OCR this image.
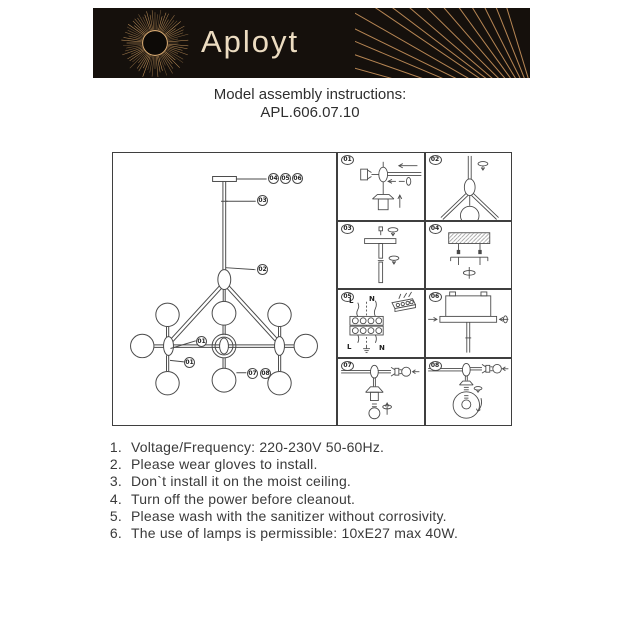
Aployt
Model assembly instructions:
APL.606.07.10
04 05 06
03
02
01
01
07 08
01	02
03	04
05
L N
L	N
06
07	08
1. Voltage/Frequency: 220-230V 50-60Hz.
2. Please wear gloves to install.
3. Don`t install it on the moist ceiling.
4. Turn off the power before cleanout.
5. Please wash with the sanitizer without corrosivity.
6. The use of lamps is permissible: 10xE27 max 40W.
